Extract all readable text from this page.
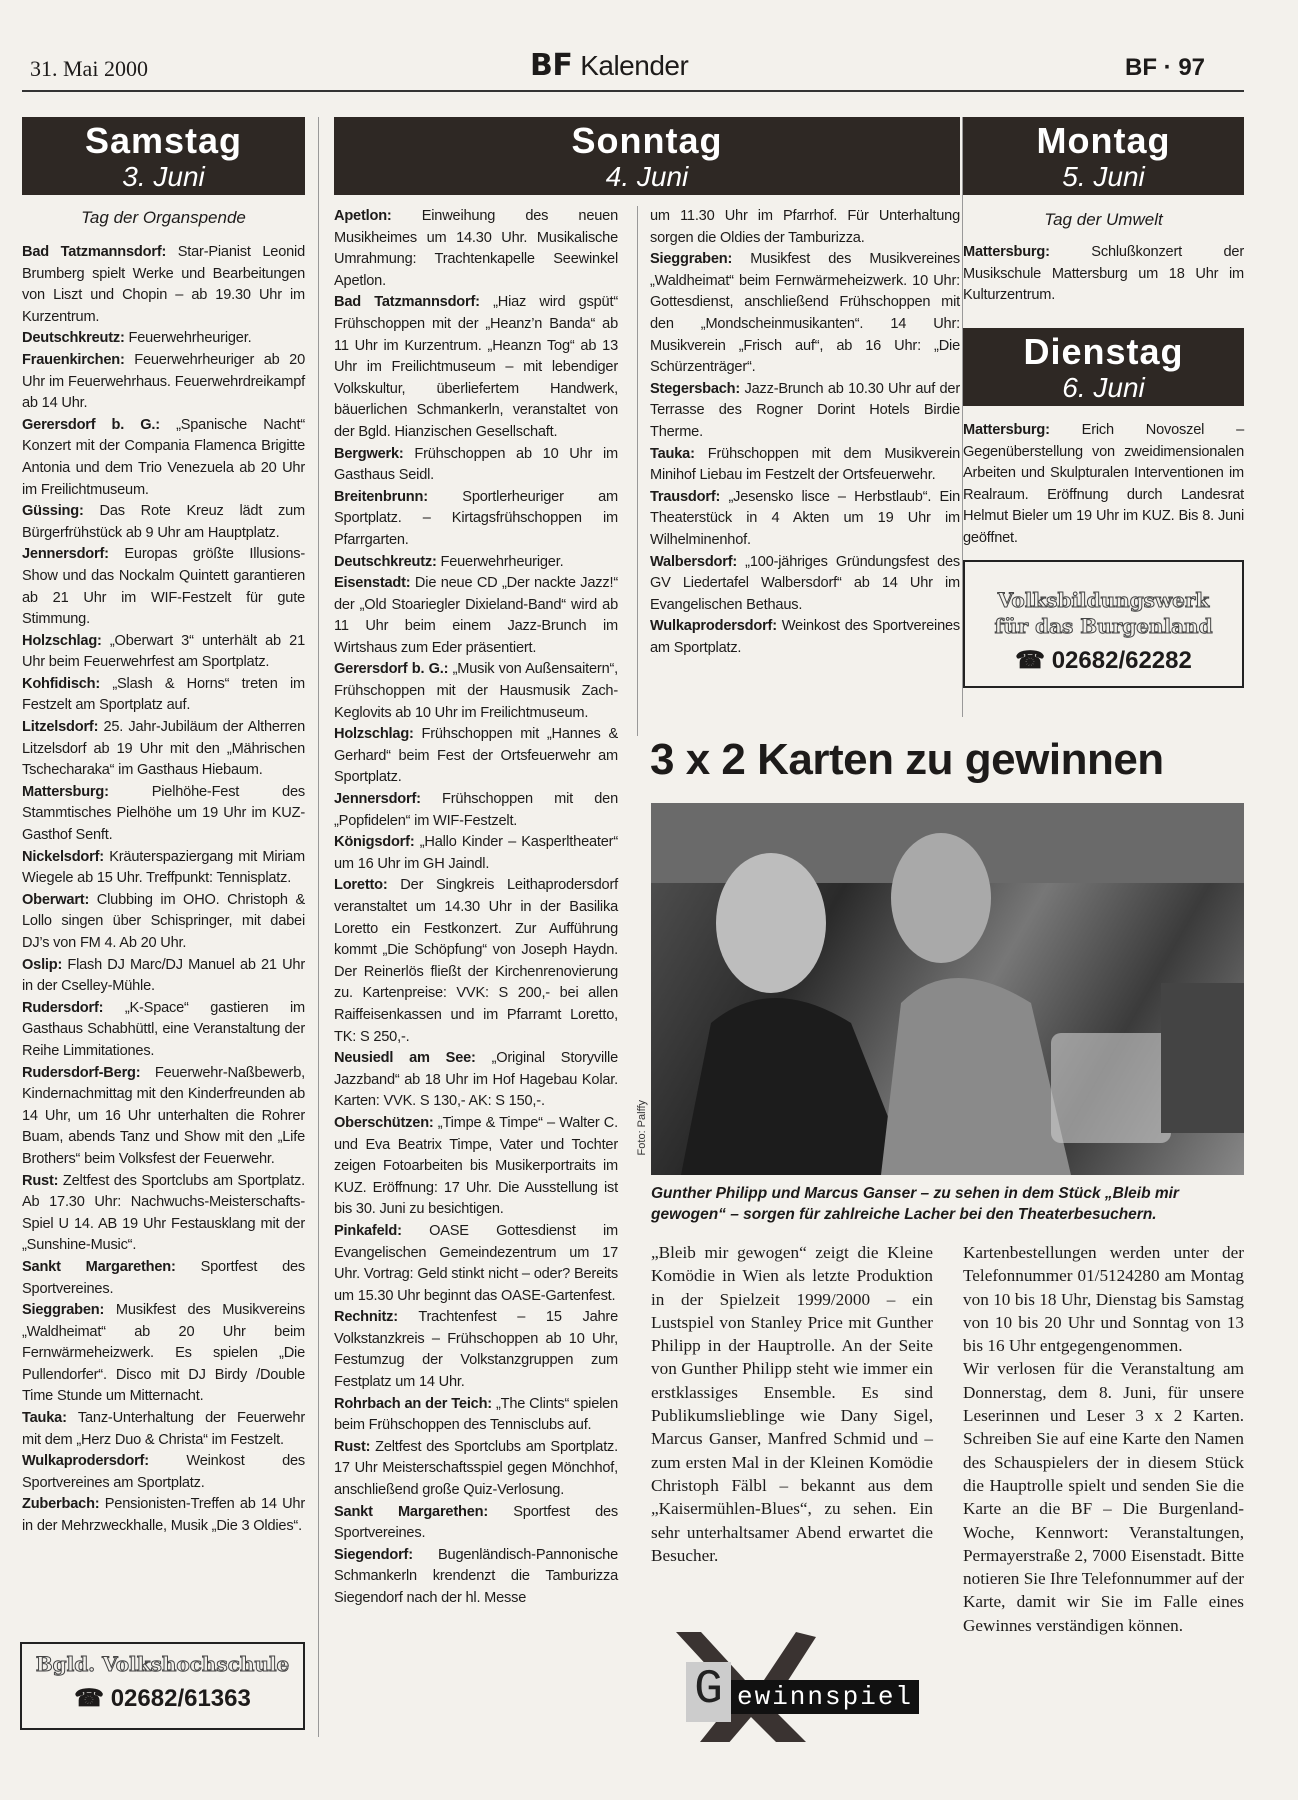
31. Mai 2000	BF Kalender	BF · 97
Samstag
3. Juni
Tag der Organspende

Bad Tatzmannsdorf: Star-Pianist Leonid Brumberg spielt Werke und Bearbeitungen von Liszt und Chopin – ab 19.30 Uhr im Kurzentrum.

Deutschkreutz: Feuerwehrheuriger.

Frauenkirchen: Feuerwehrheuriger ab 20 Uhr im Feuerwehrhaus. Feuerwehrdreikampf ab 14 Uhr.

Gerersdorf b. G.: „Spanische Nacht“ Konzert mit der Compania Flamenca Brigitte Antonia und dem Trio Venezuela ab 20 Uhr im Freilichtmuseum.

Güssing: Das Rote Kreuz lädt zum Bürgerfrühstück ab 9 Uhr am Hauptplatz.

Jennersdorf: Europas größte Illusions-Show und das Nockalm Quintett garantieren ab 21 Uhr im WIF-Festzelt für gute Stimmung.

Holzschlag: „Oberwart 3“ unterhält ab 21 Uhr beim Feuerwehrfest am Sportplatz.

Kohfidisch: „Slash & Horns“ treten im Festzelt am Sportplatz auf.

Litzelsdorf: 25. Jahr-Jubiläum der Altherren Litzelsdorf ab 19 Uhr mit den „Mährischen Tschecharaka“ im Gasthaus Hiebaum.

Mattersburg: Pielhöhe-Fest des Stammtisches Pielhöhe um 19 Uhr im KUZ-Gasthof Senft.

Nickelsdorf: Kräuterspaziergang mit Miriam Wiegele ab 15 Uhr. Treffpunkt: Tennisplatz.

Oberwart: Clubbing im OHO. Christoph & Lollo singen über Schispringer, mit dabei DJ’s von FM 4. Ab 20 Uhr.

Oslip: Flash DJ Marc/DJ Manuel ab 21 Uhr in der Cselley-Mühle.

Rudersdorf: „K-Space“ gastieren im Gasthaus Schabhüttl, eine Veranstaltung der Reihe Limmitationes.

Rudersdorf-Berg: Feuerwehr-Naßbewerb, Kindernachmittag mit den Kinderfreunden ab 14 Uhr, um 16 Uhr unterhalten die Rohrer Buam, abends Tanz und Show mit den „Life Brothers“ beim Volksfest der Feuerwehr.

Rust: Zeltfest des Sportclubs am Sportplatz. Ab 17.30 Uhr: Nachwuchs-Meisterschafts-Spiel U 14. AB 19 Uhr Festausklang mit der „Sunshine-Music“.

Sankt Margarethen: Sportfest des Sportvereines.

Sieggraben: Musikfest des Musikvereins „Waldheimat“ ab 20 Uhr beim Fernwärmeheizwerk. Es spielen „Die Pullendorfer“. Disco mit DJ Birdy /Double Time Stunde um Mitternacht.

Tauka: Tanz-Unterhaltung der Feuerwehr mit dem „Herz Duo & Christa“ im Festzelt.

Wulkaprodersdorf: Weinkost des Sportvereines am Sportplatz.

Zuberbach: Pensionisten-Treffen ab 14 Uhr in der Mehrzweckhalle, Musik „Die 3 Oldies“.

Bgld. Volkshochschule
☎ 02682/61363
Sonntag
4. Juni

Apetlon: Einweihung des neuen Musikheimes um 14.30 Uhr. Musikalische Umrahmung: Trachtenkapelle Seewinkel Apetlon.

Bad Tatzmannsdorf: „Hiaz wird gspüt“ Frühschoppen mit der „Heanz’n Banda“ ab 11 Uhr im Kurzentrum. „Heanzn Tog“ ab 13 Uhr im Freilichtmuseum – mit lebendiger Volkskultur, überliefertem Handwerk, bäuerlichen Schmankerln, veranstaltet von der Bgld. Hianzischen Gesellschaft.

Bergwerk: Frühschoppen ab 10 Uhr im Gasthaus Seidl.

Breitenbrunn: Sportlerheuriger am Sportplatz. – Kirtagsfrühschoppen im Pfarrgarten.

Deutschkreutz: Feuerwehrheuriger.

Eisenstadt: Die neue CD „Der nackte Jazz!“ der „Old Stoariegler Dixieland-Band“ wird ab 11 Uhr beim einem Jazz-Brunch im Wirtshaus zum Eder präsentiert.

Gerersdorf b. G.: „Musik von Außensaitern“, Frühschoppen mit der Hausmusik Zach-Keglovits ab 10 Uhr im Freilichtmuseum.

Holzschlag: Frühschoppen mit „Hannes & Gerhard“ beim Fest der Ortsfeuerwehr am Sportplatz.

Jennersdorf: Frühschoppen mit den „Popfidelen“ im WIF-Festzelt.

Königsdorf: „Hallo Kinder – Kasperltheater“ um 16 Uhr im GH Jaindl.

Loretto: Der Singkreis Leithaprodersdorf veranstaltet um 14.30 Uhr in der Basilika Loretto ein Festkonzert. Zur Aufführung kommt „Die Schöpfung“ von Joseph Haydn. Der Reinerlös fließt der Kirchenrenovierung zu. Kartenpreise: VVK: S 200,- bei allen Raiffeisenkassen und im Pfarramt Loretto, TK: S 250,-.

Neusiedl am See: „Original Storyville Jazzband“ ab 18 Uhr im Hof Hagebau Kolar. Karten: VVK. S 130,- AK: S 150,-.

Oberschützen: „Timpe & Timpe“ – Walter C. und Eva Beatrix Timpe, Vater und Tochter zeigen Fotoarbeiten bis Musikerportraits im KUZ. Eröffnung: 17 Uhr. Die Ausstellung ist bis 30. Juni zu besichtigen.

Pinkafeld: OASE Gottesdienst im Evangelischen Gemeindezentrum um 17 Uhr. Vortrag: Geld stinkt nicht – oder? Bereits um 15.30 Uhr beginnt das OASE-Gartenfest.

Rechnitz: Trachtenfest – 15 Jahre Volkstanzkreis – Frühschoppen ab 10 Uhr, Festumzug der Volkstanzgruppen zum Festplatz um 14 Uhr.

Rohrbach an der Teich: „The Clints“ spielen beim Frühschoppen des Tennisclubs auf.

Rust: Zeltfest des Sportclubs am Sportplatz. 17 Uhr Meisterschaftsspiel gegen Mönchhof, anschließend große Quiz-Verlosung.

Sankt Margarethen: Sportfest des Sportvereines.

Siegendorf: Bugenländisch-Pannonische Schmankerln krendenzt die Tamburizza Siegendorf nach der hl. Messe

um 11.30 Uhr im Pfarrhof. Für Unterhaltung sorgen die Oldies der Tamburizza.

Sieggraben: Musikfest des Musikvereines „Waldheimat“ beim Fernwärmeheizwerk. 10 Uhr: Gottesdienst, anschließend Frühschoppen mit den „Mondscheinmusikanten“. 14 Uhr: Musikverein „Frisch auf“, ab 16 Uhr: „Die Schürzenträger“.

Stegersbach: Jazz-Brunch ab 10.30 Uhr auf der Terrasse des Rogner Dorint Hotels Birdie Therme.

Tauka: Frühschoppen mit dem Musikverein Minihof Liebau im Festzelt der Ortsfeuerwehr.

Trausdorf: „Jesensko lisce – Herbstlaub“. Ein Theaterstück in 4 Akten um 19 Uhr im Wilhelminenhof.

Walbersdorf: „100-jähriges Gründungsfest des GV Liedertafel Walbersdorf“ ab 14 Uhr im Evangelischen Bethaus.

Wulkaprodersdorf: Weinkost des Sportvereines am Sportplatz.

Montag
5. Juni
Tag der Umwelt

Mattersburg: Schlußkonzert der Musikschule Mattersburg um 18 Uhr im Kulturzentrum.

Dienstag
6. Juni

Mattersburg: Erich Novoszel – Gegenüberstellung von zweidimensionalen Arbeiten und Skulpturalen Interventionen im Realraum. Eröffnung durch Landesrat Helmut Bieler um 19 Uhr im KUZ. Bis 8. Juni geöffnet.

Volksbildungswerk
für das Burgenland
☎ 02682/62282
3 x 2 Karten zu gewinnen
Foto: Palffy
Gunther Philipp und Marcus Ganser – zu sehen in dem Stück „Bleib mir gewogen“ – sorgen für zahlreiche Lacher bei den Theaterbesuchern.
„Bleib mir gewogen“ zeigt die Kleine Komödie in Wien als letzte Produktion in der Spielzeit 1999/2000 – ein Lustspiel von Stanley Price mit Gunther Philipp in der Hauptrolle. An der Seite von Gunther Philipp steht wie immer ein erstklassiges Ensemble. Es sind Publikumslieblinge wie Dany Sigel, Marcus Ganser, Manfred Schmid und – zum ersten Mal in der Kleinen Komödie Christoph Fälbl – bekannt aus dem „Kaisermühlen-Blues“, zu sehen. Ein sehr unterhaltsamer Abend erwartet die Besucher.

Kartenbestellungen werden unter der Telefonnummer 01/5124280 am Montag von 10 bis 18 Uhr, Dienstag bis Samstag von 10 bis 20 Uhr und Sonntag von 13 bis 16 Uhr entgegengenommen.

Wir verlosen für die Veranstaltung am Donnerstag, dem 8. Juni, für unsere Leserinnen und Leser 3 x 2 Karten. Schreiben Sie auf eine Karte den Namen des Schauspielers der in diesem Stück die Hauptrolle spielt und senden Sie die Karte an die BF – Die Burgenland-Woche, Kennwort: Veranstaltungen, Permayerstraße 2, 7000 Eisenstadt. Bitte notieren Sie Ihre Telefonnummer auf der Karte, damit wir Sie im Falle eines Gewinnes verständigen können.

G ewinnspiel
